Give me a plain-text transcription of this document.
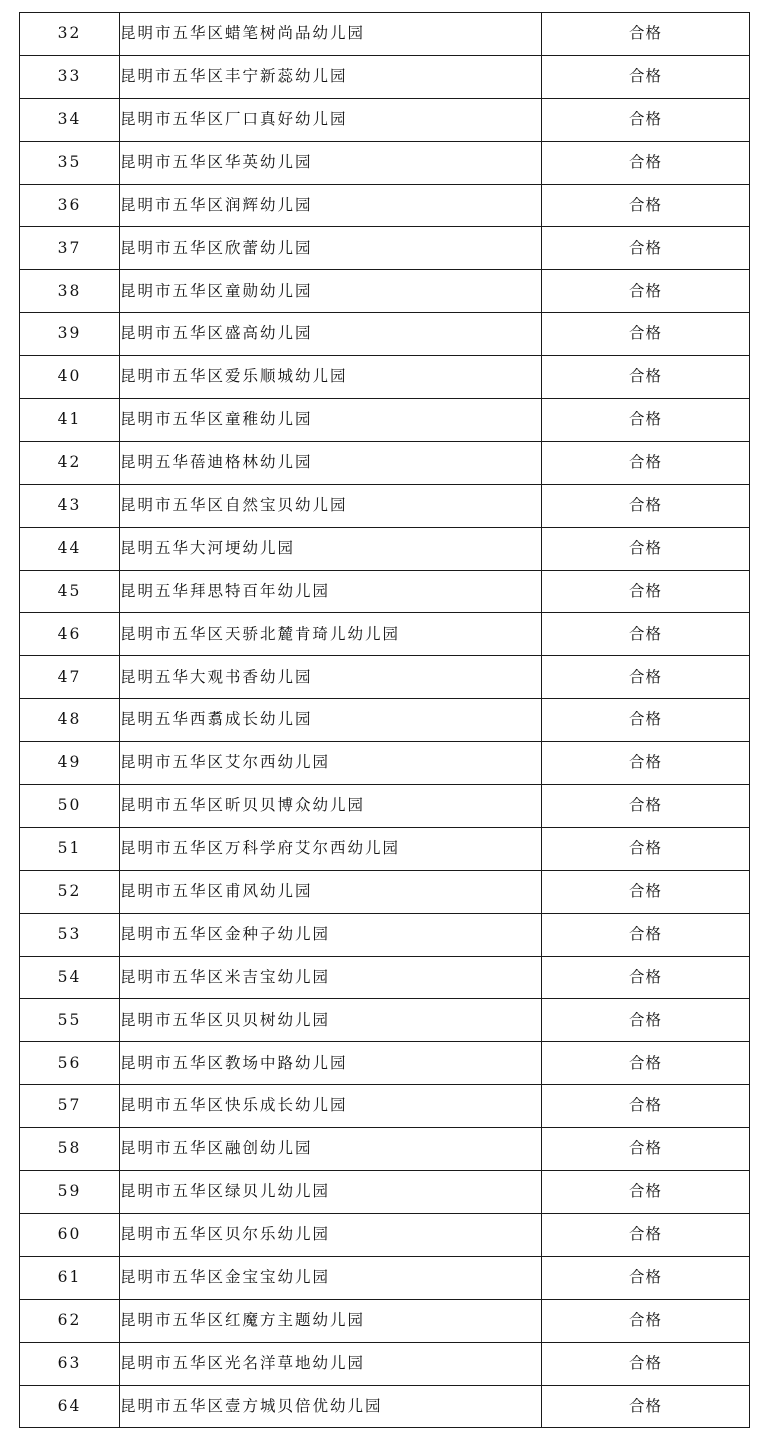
32	昆明市五华区蜡笔树尚品幼儿园	合格
33	昆明市五华区丰宁新蕊幼儿园	合格
34	昆明市五华区厂口真好幼儿园	合格
35	昆明市五华区华英幼儿园	合格
36	昆明市五华区润辉幼儿园	合格
37	昆明市五华区欣蕾幼儿园	合格
38	昆明市五华区童勋幼儿园	合格
39	昆明市五华区盛高幼儿园	合格
40	昆明市五华区爱乐顺城幼儿园	合格
41	昆明市五华区童稚幼儿园	合格
42	昆明五华蓓迪格林幼儿园	合格
43	昆明市五华区自然宝贝幼儿园	合格
44	昆明五华大河埂幼儿园	合格
45	昆明五华拜思特百年幼儿园	合格
46	昆明市五华区天骄北麓肯琦儿幼儿园	合格
47	昆明五华大观书香幼儿园	合格
48	昆明五华西翥成长幼儿园	合格
49	昆明市五华区艾尔西幼儿园	合格
50	昆明市五华区昕贝贝博众幼儿园	合格
51	昆明市五华区万科学府艾尔西幼儿园	合格
52	昆明市五华区甫风幼儿园	合格
53	昆明市五华区金种子幼儿园	合格
54	昆明市五华区米吉宝幼儿园	合格
55	昆明市五华区贝贝树幼儿园	合格
56	昆明市五华区教场中路幼儿园	合格
57	昆明市五华区快乐成长幼儿园	合格
58	昆明市五华区融创幼儿园	合格
59	昆明市五华区绿贝儿幼儿园	合格
60	昆明市五华区贝尔乐幼儿园	合格
61	昆明市五华区金宝宝幼儿园	合格
62	昆明市五华区红魔方主题幼儿园	合格
63	昆明市五华区光名洋草地幼儿园	合格
64	昆明市五华区壹方城贝倍优幼儿园	合格
